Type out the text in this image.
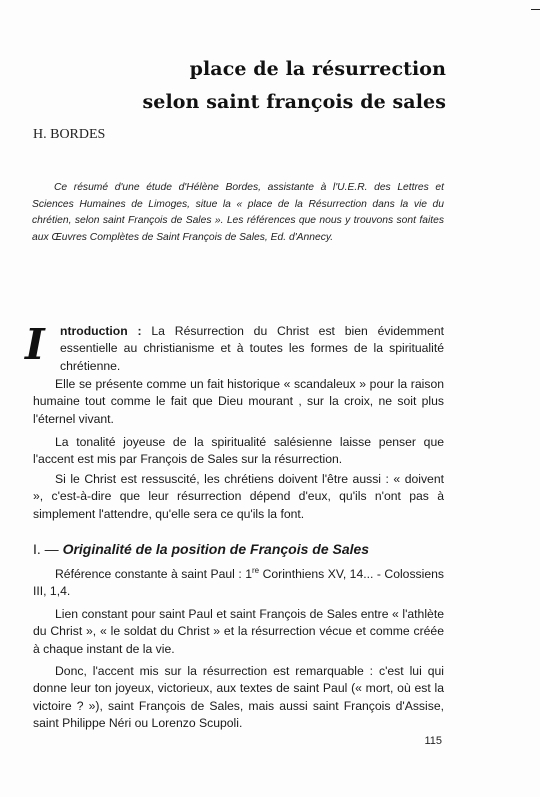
place de la résurrection
selon saint françois de sales
H. BORDES
Ce résumé d'une étude d'Hélène Bordes, assistante à l'U.E.R. des Lettres et Sciences Humaines de Limoges, situe la « place de la Résurrection dans la vie du chrétien, selon saint François de Sales ». Les références que nous y trouvons sont faites aux Œuvres Complètes de Saint François de Sales, Ed. d'Annecy.
I ntroduction : La Résurrection du Christ est bien évidemment essentielle au christianisme et à toutes les formes de la spiritualité chrétienne.

Elle se présente comme un fait historique « scandaleux » pour la raison humaine tout comme le fait que Dieu mourant , sur la croix, ne soit plus l'éternel vivant.

La tonalité joyeuse de la spiritualité salésienne laisse penser que l'accent est mis par François de Sales sur la résurrection.

Si le Christ est ressuscité, les chrétiens doivent l'être aussi : « doivent », c'est-à-dire que leur résurrection dépend d'eux, qu'ils n'ont pas à simplement l'attendre, qu'elle sera ce qu'ils la font.

I. — Originalité de la position de François de Sales

Référence constante à saint Paul : 1re Corinthiens XV, 14... - Colossiens III, 1,4.

Lien constant pour saint Paul et saint François de Sales entre « l'athlète du Christ », « le soldat du Christ » et la résurrection vécue et comme créée à chaque instant de la vie.

Donc, l'accent mis sur la résurrection est remarquable : c'est lui qui donne leur ton joyeux, victorieux, aux textes de saint Paul (« mort, où est la victoire ? »), saint François de Sales, mais aussi saint François d'Assise, saint Philippe Néri ou Lorenzo Scupoli.

115
